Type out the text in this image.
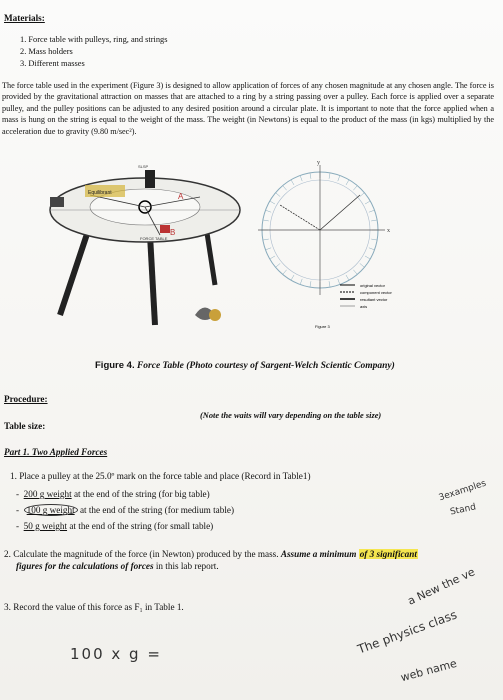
Materials:
1. Force table with pulleys, ring, and strings
2. Mass holders
3. Different masses
The force table used in the experiment (Figure 3) is designed to allow application of forces of any chosen magnitude at any chosen angle. The force is provided by the gravitational attraction on masses that are attached to a ring by a string passing over a pulley. Each force is applied over a separate pulley, and the pulley positions can be adjusted to any desired position around a circular plate. It is important to note that the force applied when a mass is hung on the string is equal to the weight of the mass. The weight (in Newtons) is equal to the product of the mass (in kgs) multiplied by the acceleration due to gravity (9.80 m/sec²).
Equilibrant	A
B
FORCE TABLE
SLSP
y
x
original vector
component vector
resultant vector
axis
Figure 3
Figure 4. Force Table (Photo courtesy of Sargent-Welch Scientic Company)
Procedure:
Table size:
(Note the waits will vary depending on the table size)
Part 1. Two Applied Forces
1. Place a pulley at the 25.0º mark on the force table and place (Record in Table1)
-  200 g weight at the end of the string (for big table)
-  100 g weight at the end of the string (for medium table)
-  50 g weight at the end of the string (for small table)
2. Calculate the magnitude of the force (in Newton) produced by the mass. Assume a minimum of 3 significant
figures for the calculations of forces in this lab report.
3. Record the value of this force as F₁ in Table 1.
100 x g =
3examples
Stand
a New the ve
The physics class
web name
